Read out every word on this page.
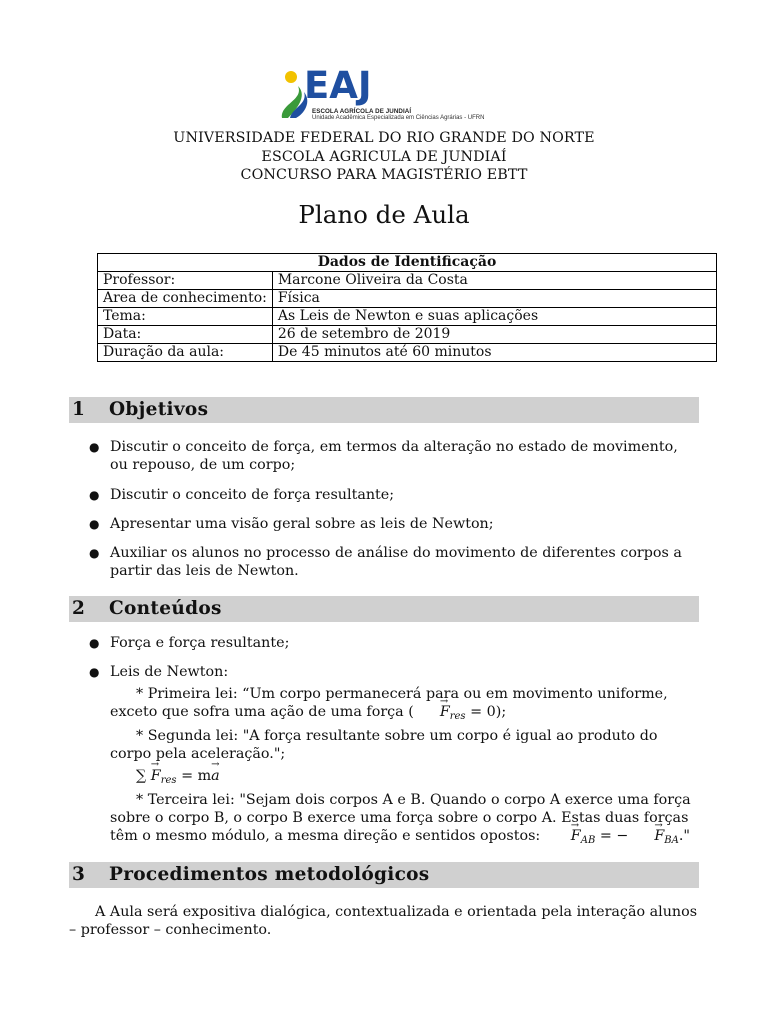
EAJ
ESCOLA AGRÍCOLA DE JUNDIAÍ
Unidade Acadêmica Especializada em Ciências Agrárias - UFRN
UNIVERSIDADE FEDERAL DO RIO GRANDE DO NORTE
ESCOLA AGRICULA DE JUNDIAÍ
CONCURSO PARA MAGISTÉRIO EBTT
Plano de Aula
Dados de Identificação	
Professor:	Marcone Oliveira da Costa
Area de conhecimento:	Física
Tema:	As Leis de Newton e suas aplicações
Data:	26 de setembro de 2019
Duração da aula:	De 45 minutos até 60 minutos
1 Objetivos
● Discutir o conceito de força, em termos da alteração no estado de movimento, ou repouso, de um corpo;
● Discutir o conceito de força resultante;
● Apresentar uma visão geral sobre as leis de Newton;
● Auxiliar os alunos no processo de análise do movimento de diferentes corpos a partir das leis de Newton.
2 Conteúdos
● Força e força resultante;
● Leis de Newton:
* Primeira lei: “Um corpo permanecerá para ou em movimento uniforme, exceto que sofra uma ação de uma força ( $F \to_{res} = 0$);
* Segunda lei: "A força resultante sobre um corpo é igual ao produto do corpo pela aceleração.";
∑ $F \to_{res}$ = ma →
* Terceira lei: "Sejam dois corpos A e B. Quando o corpo A exerce uma força sobre o corpo B, o corpo B exerce uma força sobre o corpo A. Estas duas forças têm o mesmo módulo, a mesma direção e sentidos opostos: $F \to_{AB}$ = − $F \to_{BA}$."
3 Procedimentos metodológicos
A Aula será expositiva dialógica, contextualizada e orientada pela interação alunos – professor – conhecimento.
